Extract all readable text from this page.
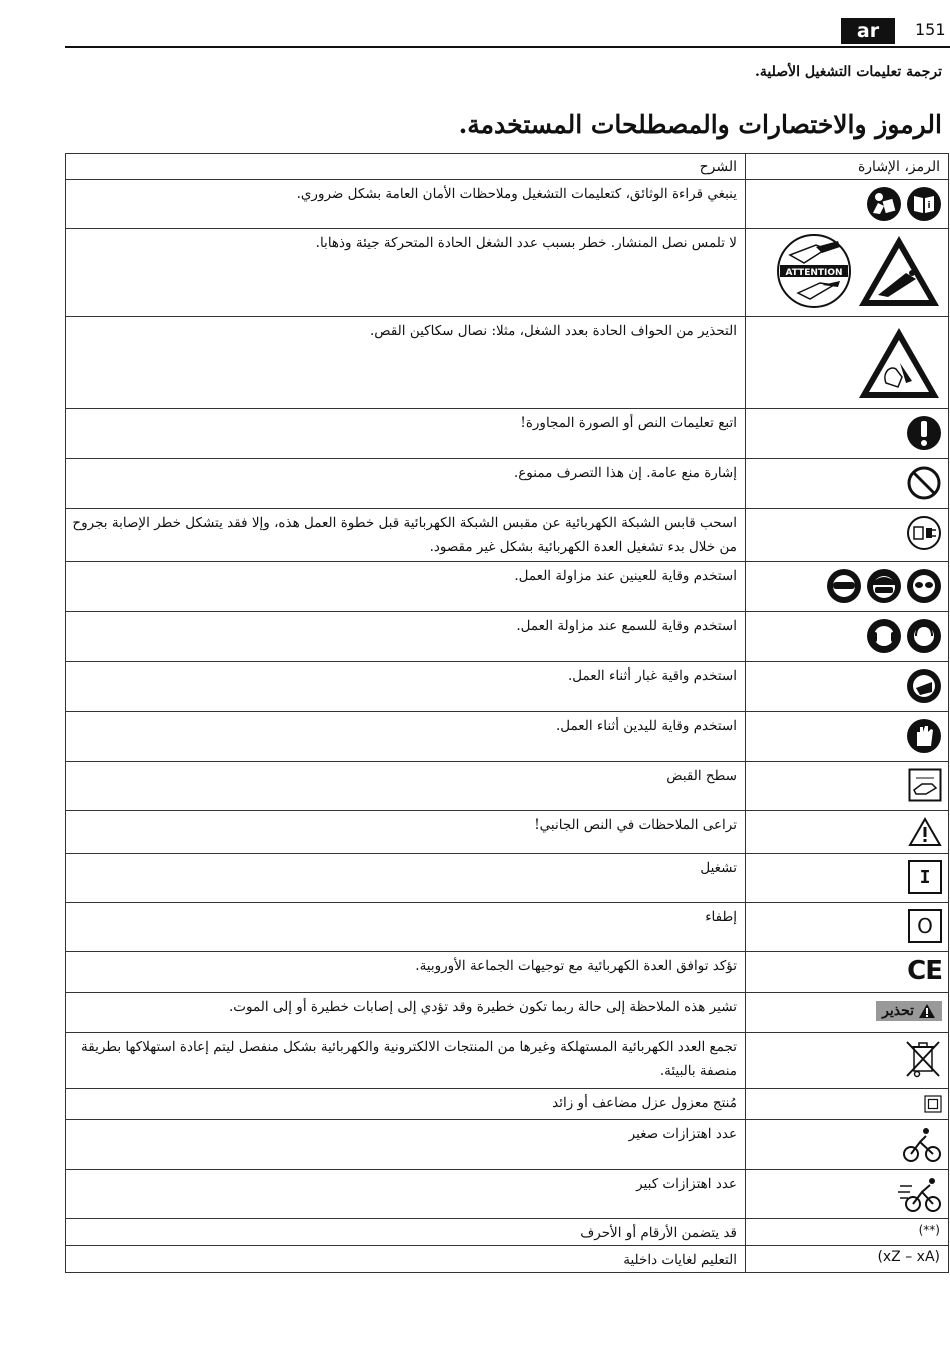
ar	151
ترجمة تعليمات التشغيل الأصلية.
الرموز والاختصارات والمصطلحات المستخدمة.
الشرح	الرمز، الإشارة
ينبغي قراءة الوثائق، كتعليمات التشغيل وملاحظات الأمان العامة بشكل ضروري.	i

لا تلمس نصل المنشار. خطر بسبب عدد الشغل الحادة المتحركة جيئة وذهابا.	ATTENTION

التحذير من الحواف الحادة بعدد الشغل، مثلا: نصال سكاكين القص.	

اتبع تعليمات النص أو الصورة المجاورة!	

إشارة منع عامة. إن هذا التصرف ممنوع.	

اسحب قابس الشبكة الكهربائية عن مقبس الشبكة الكهربائية قبل خطوة العمل هذه، وإلا فقد يتشكل خطر الإصابة بجروح من خلال بدء تشغيل العدة الكهربائية بشكل غير مقصود.	

استخدم وقاية للعينين عند مزاولة العمل.	

استخدم وقاية للسمع عند مزاولة العمل.	

استخدم واقية غبار أثناء العمل.	

استخدم وقاية لليدين أثناء العمل.	

سطح القبض	

تراعى الملاحظات في النص الجانبي!	

تشغيل	I

إطفاء	O

تؤكد توافق العدة الكهربائية مع توجيهات الجماعة الأوروبية.	CE

تشير هذه الملاحظة إلى حالة ربما تكون خطيرة وقد تؤدي إلى إصابات خطيرة أو إلى الموت.	تحذير

تجمع العدد الكهربائية المستهلكة وغيرها من المنتجات الالكترونية والكهربائية بشكل منفصل ليتم إعادة استهلاكها بطريقة منصفة بالبيئة.	

مُنتج معزول عزل مضاعف أو زائد	

عدد اهتزازات صغير	

عدد اهتزازات كبير	

قد يتضمن الأرقام أو الأحرف	(**)

التعليم لغايات داخلية	(xZ – xA)
